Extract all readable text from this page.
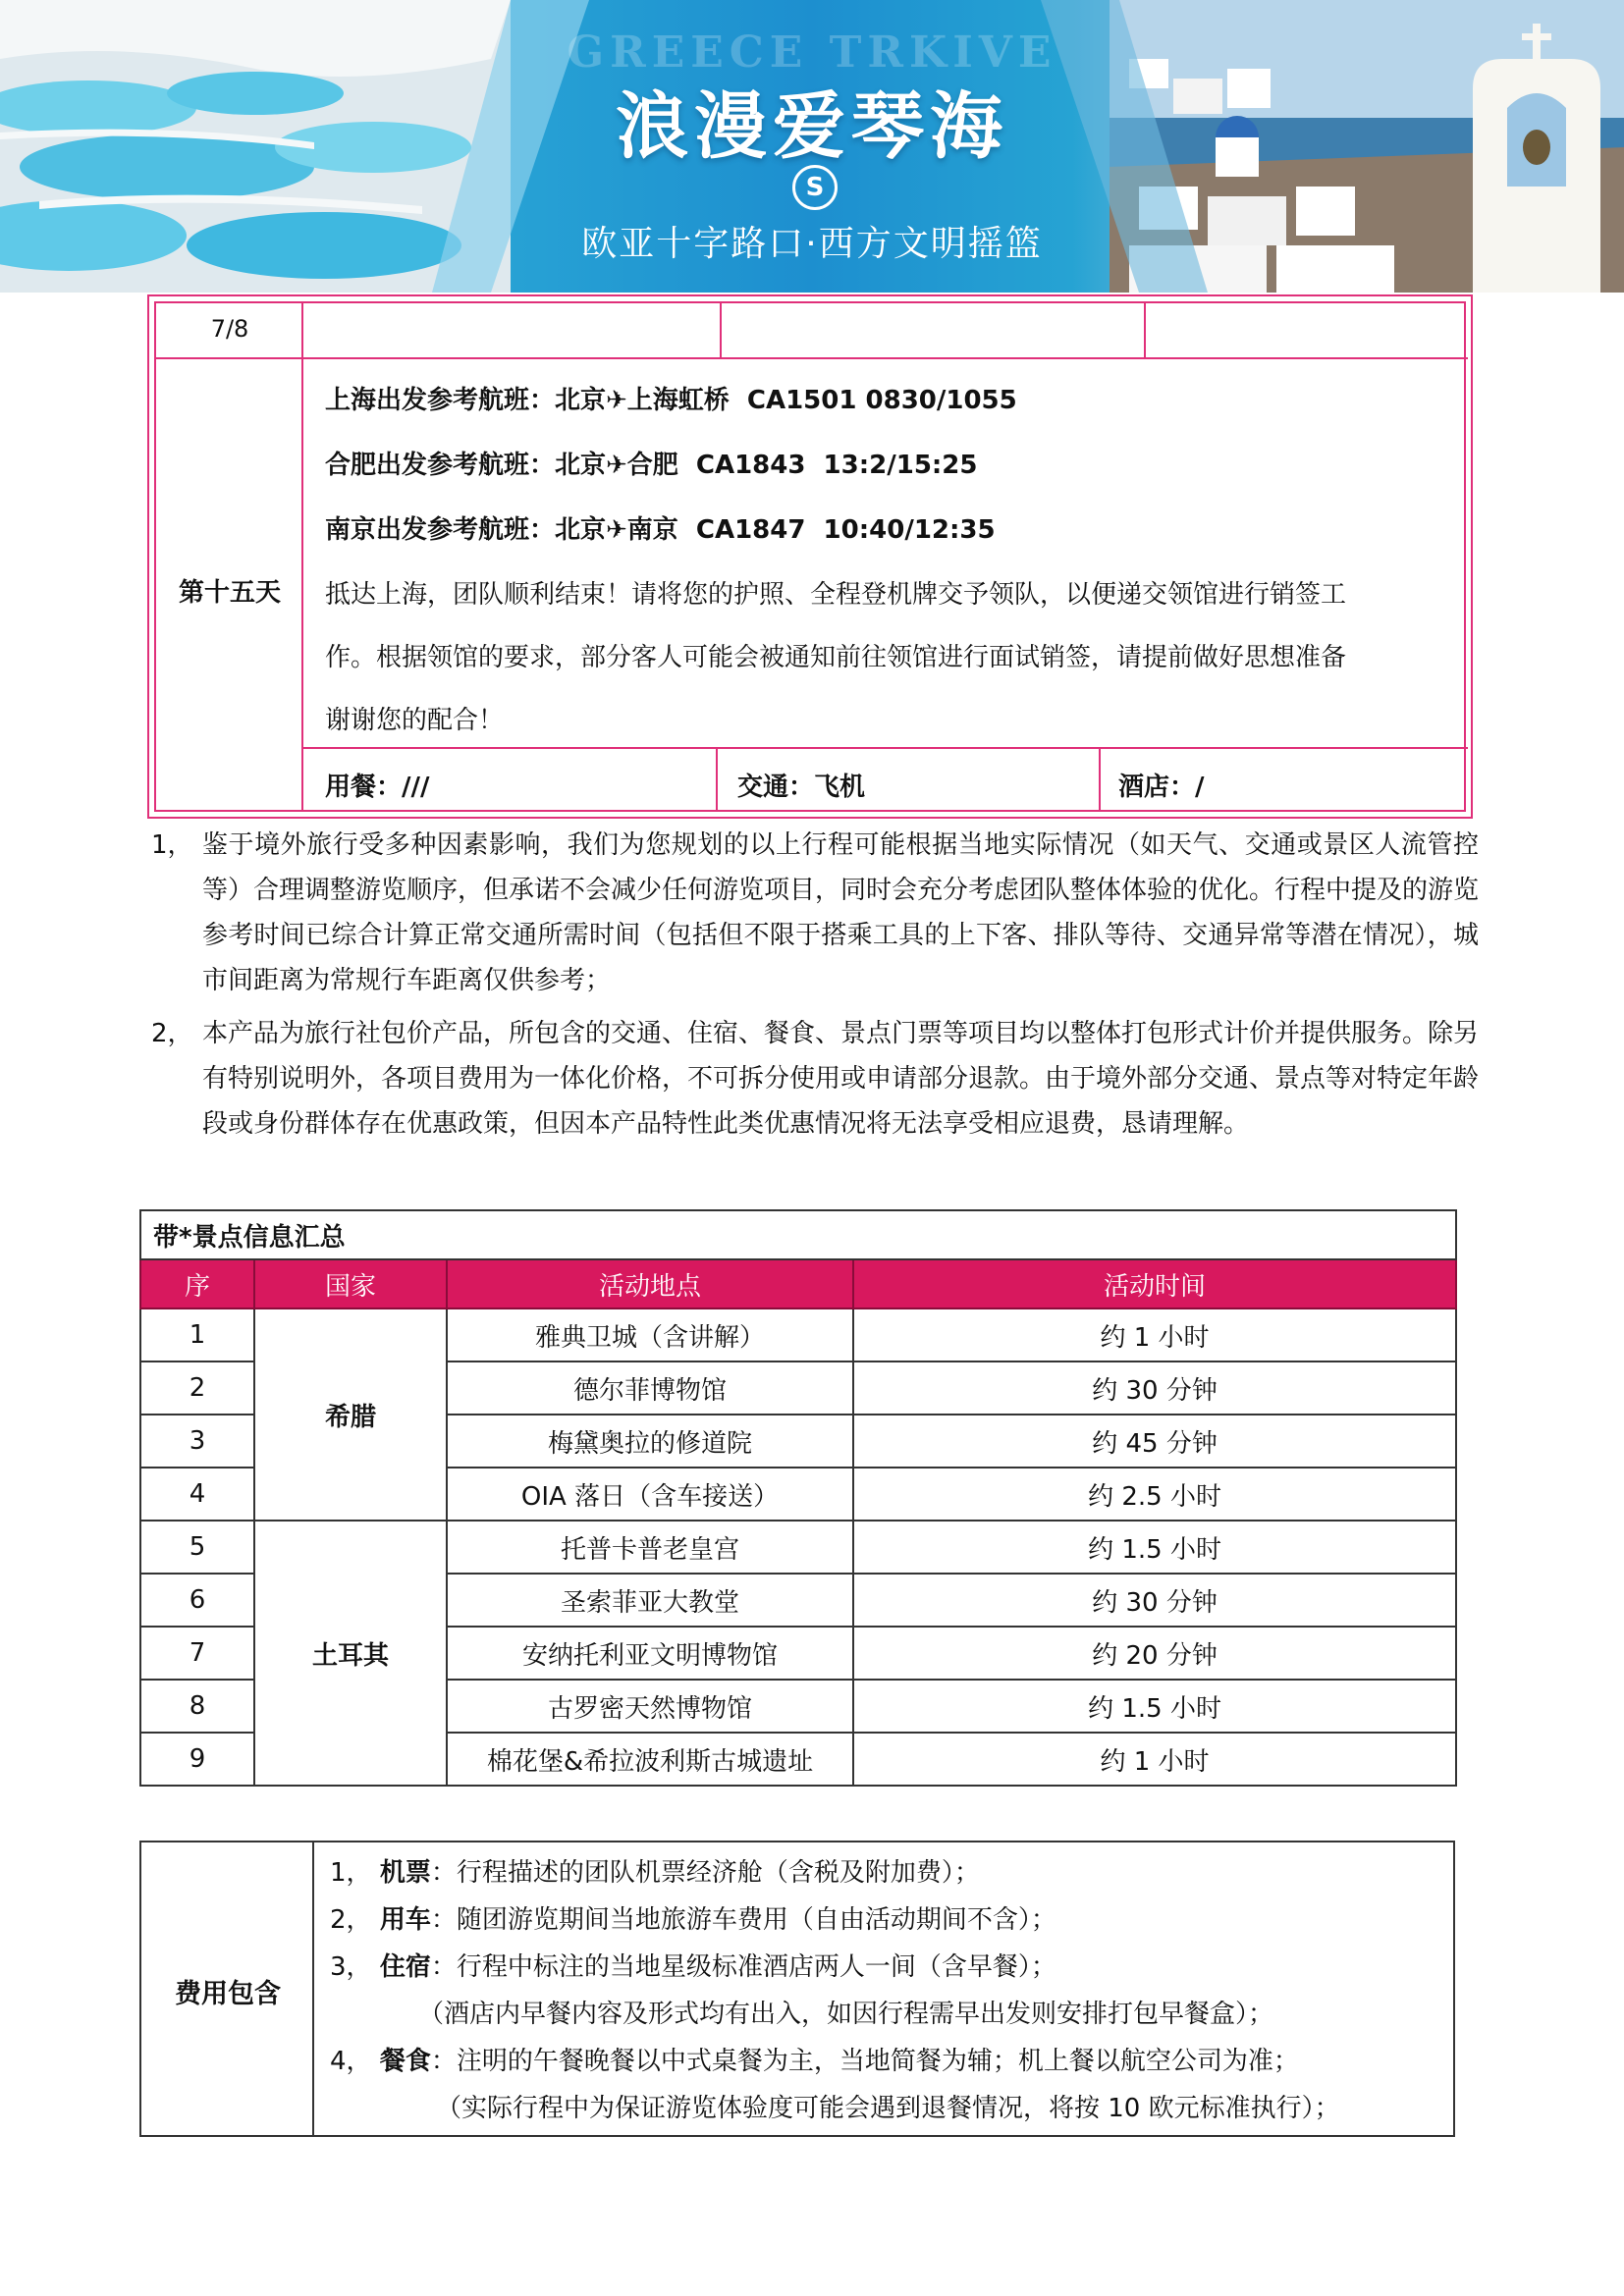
GREECE TRKIVE
浪漫爱琴海
S
欧亚十字路口·西方文明摇篮
7/8
第十五天
上海出发参考航班：北京✈上海虹桥  CA1501 0830/1055
合肥出发参考航班：北京✈合肥  CA1843  13:2/15:25
南京出发参考航班：北京✈南京  CA1847  10:40/12:35
抵达上海，团队顺利结束！请将您的护照、全程登机牌交予领队，以便递交领馆进行销签工
作。根据领馆的要求，部分客人可能会被通知前往领馆进行面试销签，请提前做好思想准备
谢谢您的配合！
用餐：///	交通：飞机	酒店：/
1， 鉴于境外旅行受多种因素影响，我们为您规划的以上行程可能根据当地实际情况（如天气、交通或景区人流管控等）合理调整游览顺序，但承诺不会减少任何游览项目，同时会充分考虑团队整体体验的优化。行程中提及的游览参考时间已综合计算正常交通所需时间（包括但不限于搭乘工具的上下客、排队等待、交通异常等潜在情况），城市间距离为常规行车距离仅供参考；
2， 本产品为旅行社包价产品，所包含的交通、住宿、餐食、景点门票等项目均以整体打包形式计价并提供服务。除另有特别说明外，各项目费用为一体化价格，不可拆分使用或申请部分退款。由于境外部分交通、景点等对特定年龄段或身份群体存在优惠政策，但因本产品特性此类优惠情况将无法享受相应退费，恳请理解。
带*景点信息汇总			
序	国家	活动地点	活动时间
1	希腊	雅典卫城（含讲解）	约 1 小时
2		德尔菲博物馆	约 30 分钟
3		梅黛奥拉的修道院	约 45 分钟
4		OIA 落日（含车接送）	约 2.5 小时
5	土耳其	托普卡普老皇宫	约 1.5 小时
6		圣索菲亚大教堂	约 30 分钟
7		安纳托利亚文明博物馆	约 20 分钟
8		古罗密天然博物馆	约 1.5 小时
9		棉花堡&希拉波利斯古城遗址	约 1 小时
费用包含
1， 机票：行程描述的团队机票经济舱（含税及附加费）；
2， 用车：随团游览期间当地旅游车费用（自由活动期间不含）；
3， 住宿：行程中标注的当地星级标准酒店两人一间（含早餐）；
（酒店内早餐内容及形式均有出入，如因行程需早出发则安排打包早餐盒）；
4， 餐食：注明的午餐晚餐以中式桌餐为主，当地简餐为辅；机上餐以航空公司为准；
（实际行程中为保证游览体验度可能会遇到退餐情况，将按 10 欧元标准执行）；
